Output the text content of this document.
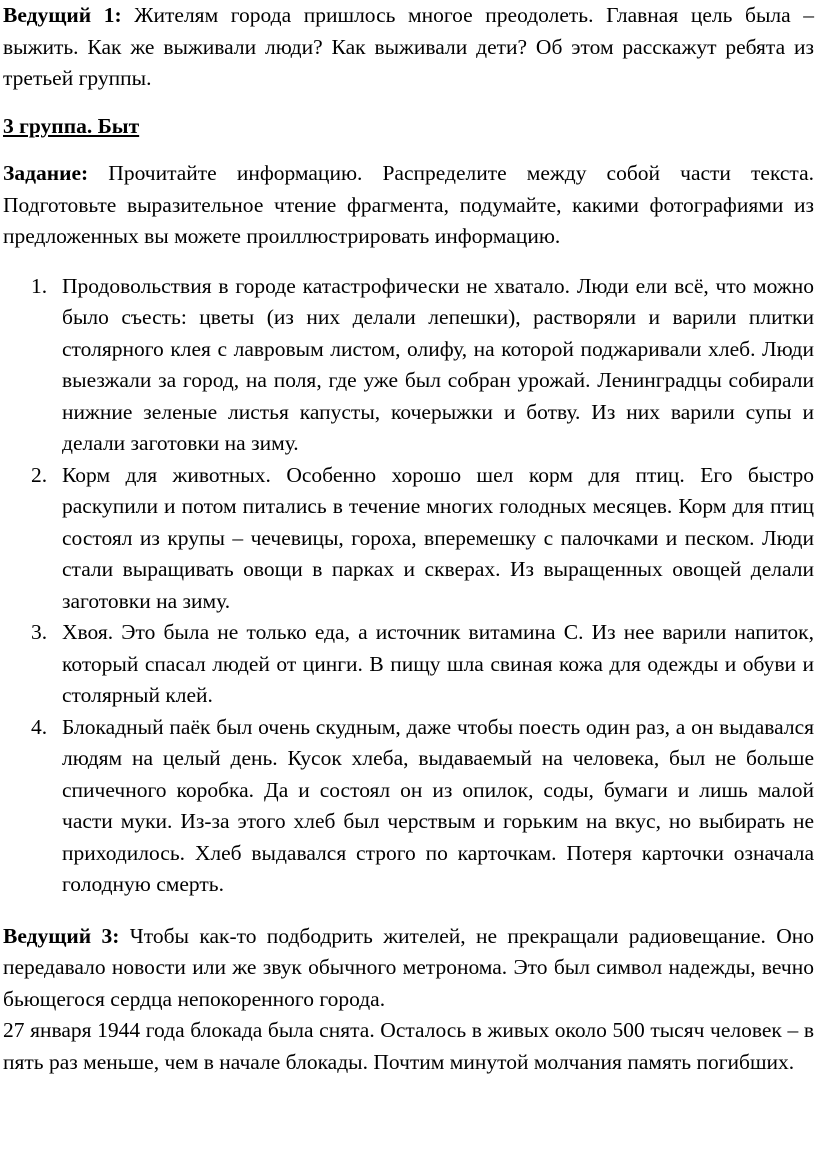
Ведущий 1: Жителям города пришлось многое преодолеть. Главная цель была – выжить. Как же выживали люди? Как выживали дети? Об этом расскажут ребята из третьей группы.

3 группа. Быт

Задание: Прочитайте информацию. Распределите между собой части текста. Подготовьте выразительное чтение фрагмента, подумайте, какими фотографиями из предложенных вы можете проиллюстрировать информацию.

1. Продовольствия в городе катастрофически не хватало. Люди ели всё, что можно было съесть: цветы (из них делали лепешки), растворяли и варили плитки столярного клея с лавровым листом, олифу, на которой поджаривали хлеб. Люди выезжали за город, на поля, где уже был собран урожай. Ленинградцы собирали нижние зеленые листья капусты, кочерыжки и ботву. Из них варили супы и делали заготовки на зиму.
2. Корм для животных. Особенно хорошо шел корм для птиц. Его быстро раскупили и потом питались в течение многих голодных месяцев. Корм для птиц состоял из крупы – чечевицы, гороха, вперемешку с палочками и песком. Люди стали выращивать овощи в парках и скверах. Из выращенных овощей делали заготовки на зиму.
3. Хвоя. Это была не только еда, а источник витамина С. Из нее варили напиток, который спасал людей от цинги. В пищу шла свиная кожа для одежды и обуви и столярный клей.
4. Блокадный паёк был очень скудным, даже чтобы поесть один раз, а он выдавался людям на целый день. Кусок хлеба, выдаваемый на человека, был не больше спичечного коробка. Да и состоял он из опилок, соды, бумаги и лишь малой части муки. Из-за этого хлеб был черствым и горьким на вкус, но выбирать не приходилось. Хлеб выдавался строго по карточкам. Потеря карточки означала голодную смерть.

Ведущий 3: Чтобы как-то подбодрить жителей, не прекращали радиовещание. Оно передавало новости или же звук обычного метронома. Это был символ надежды, вечно бьющегося сердца непокоренного города.

27 января 1944 года блокада была снята. Осталось в живых около 500 тысяч человек – в пять раз меньше, чем в начале блокады. Почтим минутой молчания память погибших.
